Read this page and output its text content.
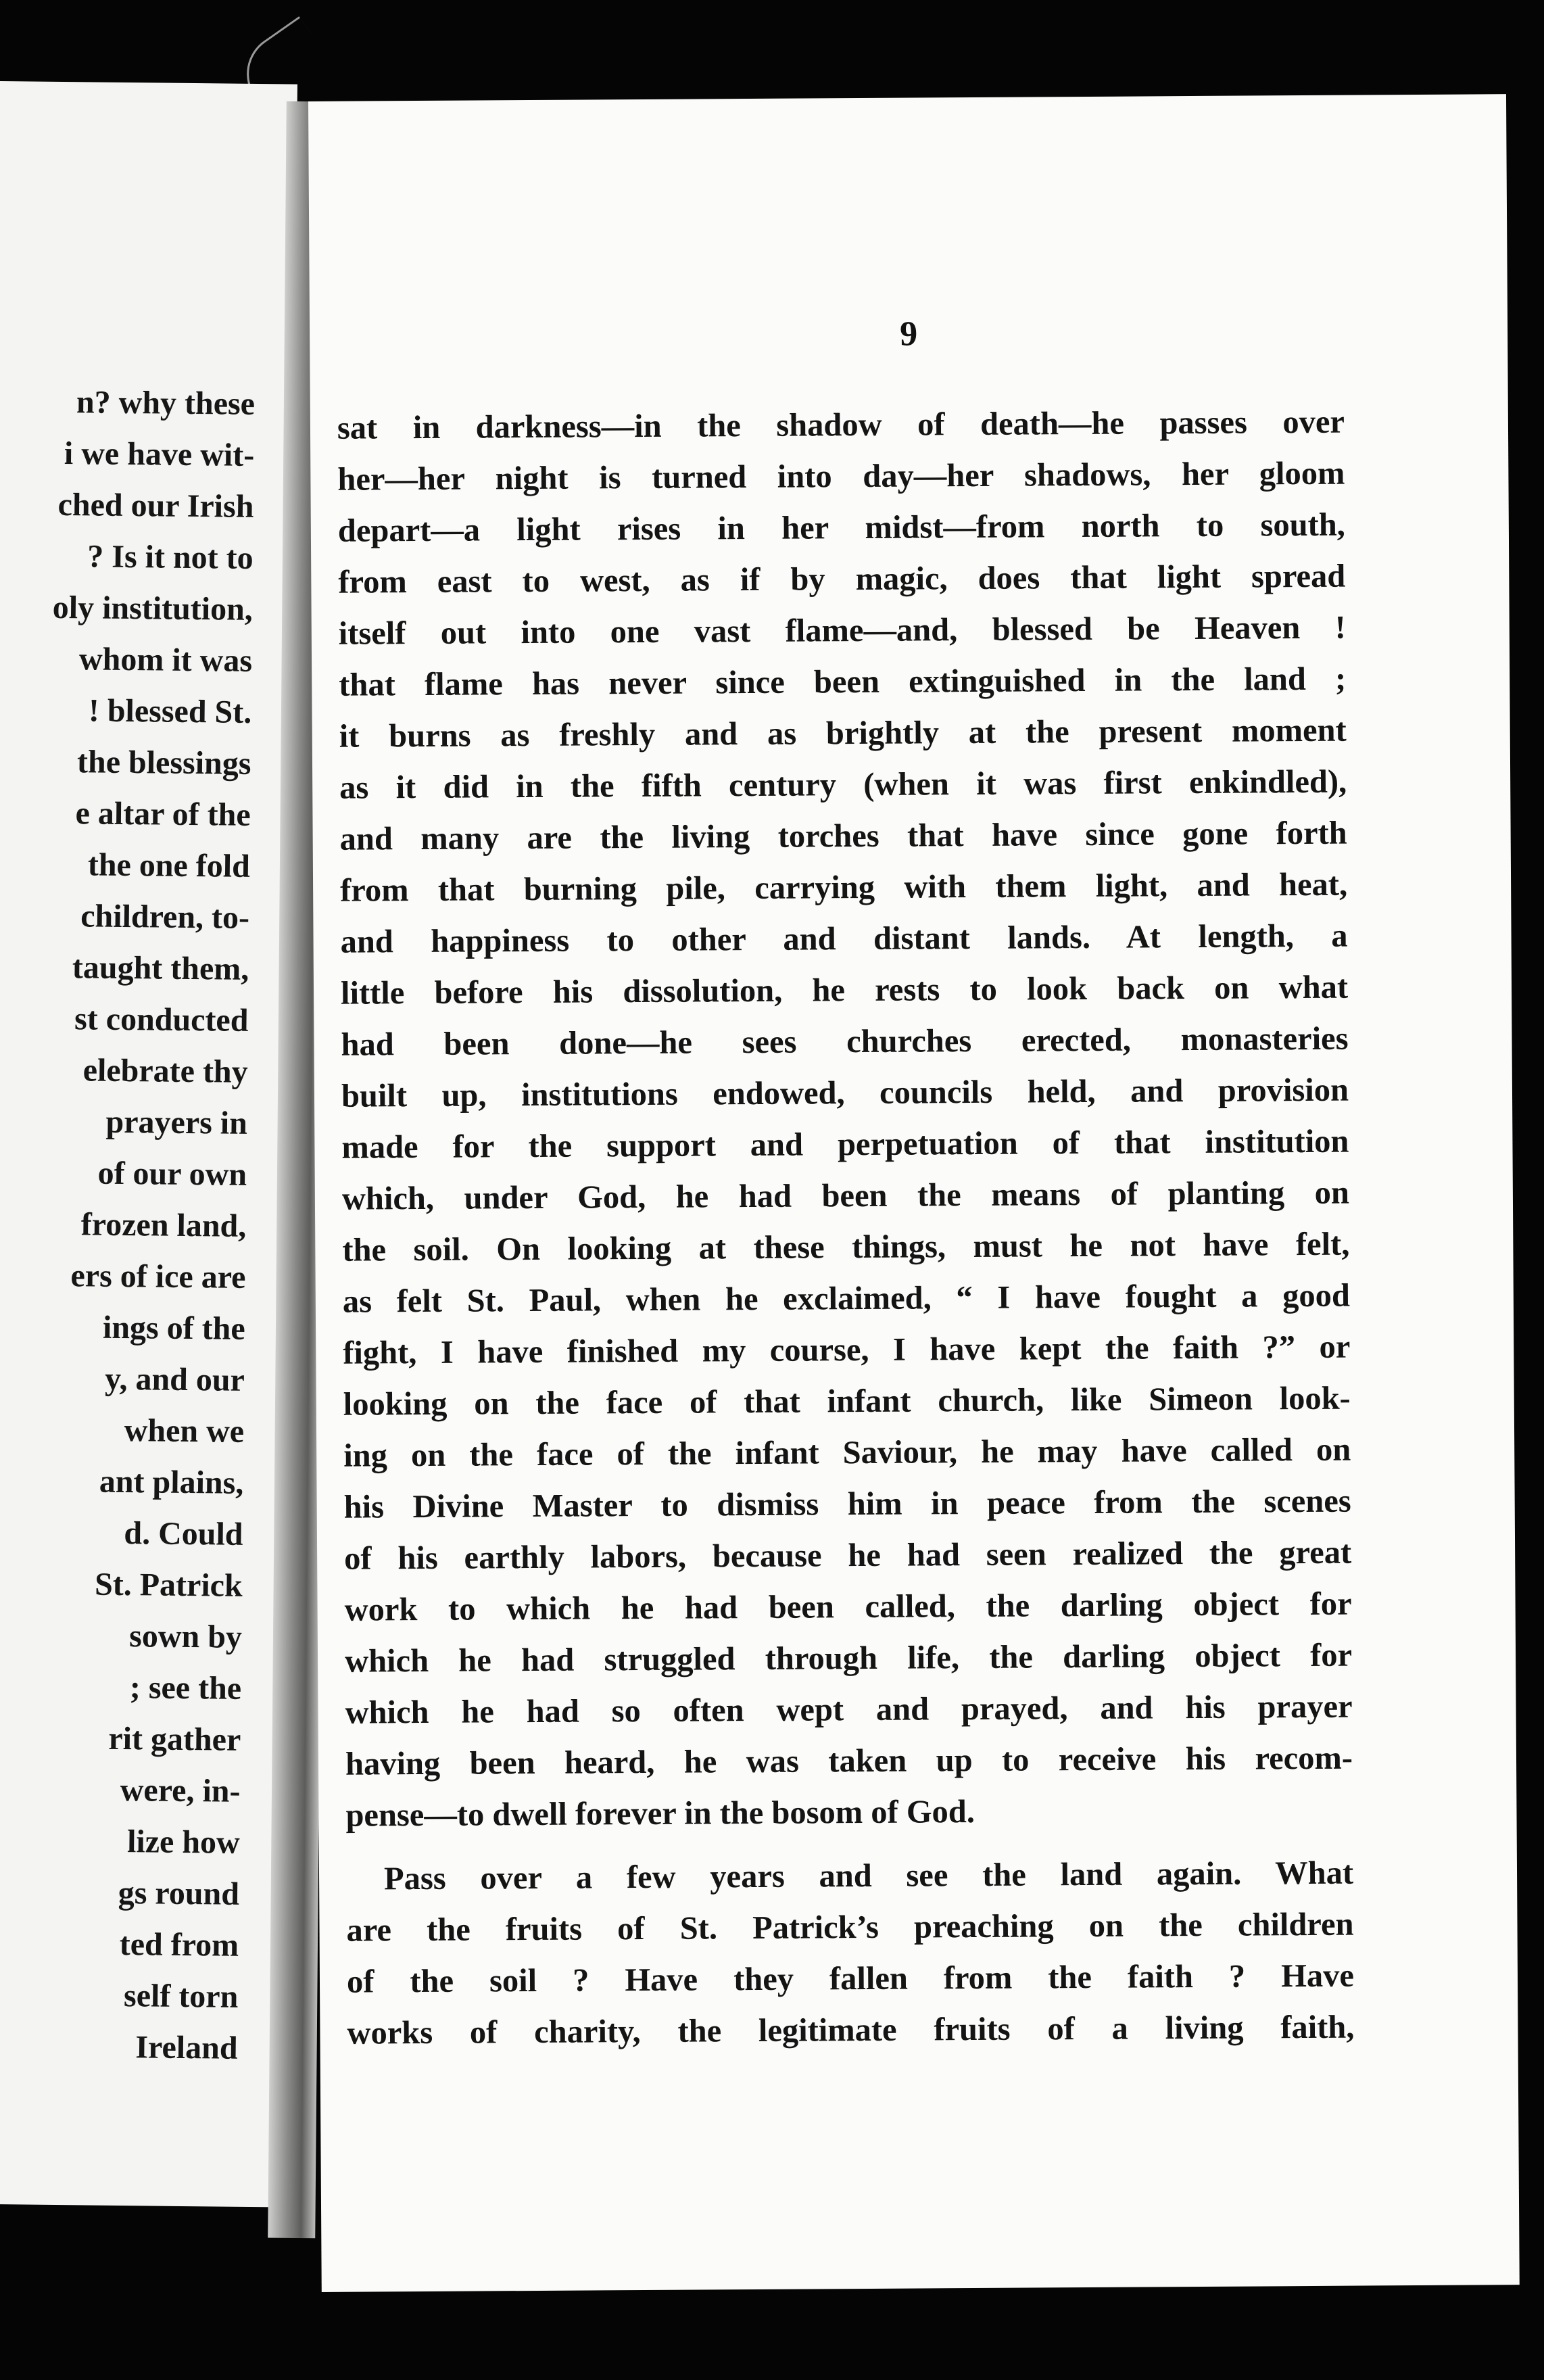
n? why these
i we have wit-
ched our Irish
? Is it not to
oly institution,
whom it was
! blessed St.
the blessings
e altar of the
the one fold
children, to-
taught them,
st conducted
elebrate thy
prayers in
of our own
frozen land,
ers of ice are
ings of the
y, and our
when we
ant plains,
d. Could
St. Patrick
sown by
; see the
rit gather
were, in-
lize how
gs round
ted from
self torn
Ireland
9
sat in darkness—in the shadow of death—he passes over
her—her night is turned into day—her shadows, her gloom
depart—a light rises in her midst—from north to south,
from east to west, as if by magic, does that light spread
itself out into one vast flame—and, blessed be Heaven !
that flame has never since been extinguished in the land ;
it burns as freshly and as brightly at the present moment
as it did in the fifth century (when it was first enkindled),
and many are the living torches that have since gone forth
from that burning pile, carrying with them light, and heat,
and happiness to other and distant lands. At length, a
little before his dissolution, he rests to look back on what
had been done—he sees churches erected, monasteries
built up, institutions endowed, councils held, and provision
made for the support and perpetuation of that institution
which, under God, he had been the means of planting on
the soil. On looking at these things, must he not have felt,
as felt St. Paul, when he exclaimed, “ I have fought a good
fight, I have finished my course, I have kept the faith ?” or
looking on the face of that infant church, like Simeon look-
ing on the face of the infant Saviour, he may have called on
his Divine Master to dismiss him in peace from the scenes
of his earthly labors, because he had seen realized the great
work to which he had been called, the darling object for
which he had struggled through life, the darling object for
which he had so often wept and prayed, and his prayer
having been heard, he was taken up to receive his recom-
pense—to dwell forever in the bosom of God.
Pass over a few years and see the land again. What
are the fruits of St. Patrick’s preaching on the children
of the soil ? Have they fallen from the faith ? Have
works of charity, the legitimate fruits of a living faith,
